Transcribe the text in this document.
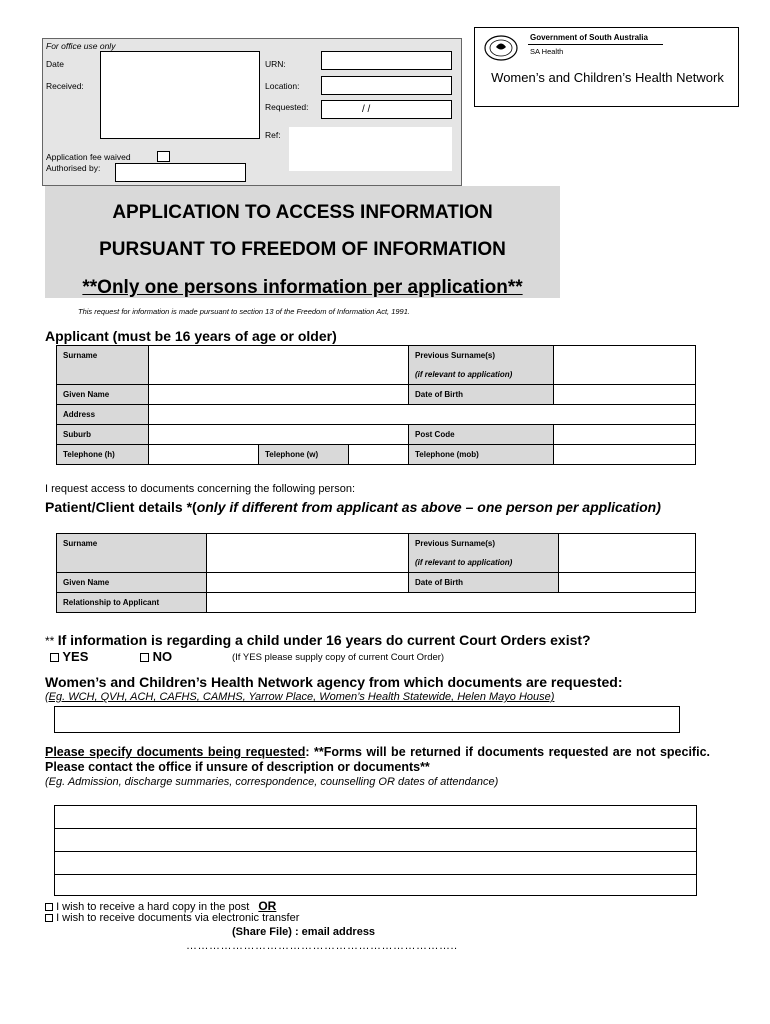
For office use only
Date
Received:
URN:
Location:
Requested:	/ /
Ref:
Application fee waived
Authorised by:
Government of South Australia
SA Health
Women’s and Children’s Health Network
APPLICATION TO ACCESS INFORMATION
PURSUANT TO FREEDOM OF INFORMATION
**Only one persons information per application**
This request for information is made pursuant to section 13 of the Freedom of Information Act, 1991.
Applicant (must be 16 years of age or older)
Surname				Previous Surname(s)	
				(if relevant to application)	
Given Name				Date of Birth	
Address					
Suburb				Post Code	
Telephone (h)		Telephone (w)		Telephone (mob)	
I request access to documents concerning the following person:
Patient/Client details *(only if different from applicant as above – one person per application)
Surname		Previous Surname(s)	
		(if relevant to application)	
Given Name		Date of Birth	
Relationship to Applicant			
** If information is regarding a child under 16 years do current Court Orders exist?
YES	NO	(If YES please supply copy of current Court Order)
Women’s and Children’s Health Network agency from which documents are requested:
(Eg. WCH, QVH, ACH, CAFHS, CAMHS, Yarrow Place, Women’s Health Statewide, Helen Mayo House)
Please specify documents being requested: **Forms will be returned if documents requested are not specific. Please contact the office if unsure of description or documents**
(Eg. Admission, discharge summaries, correspondence, counselling OR dates of attendance)
I wish to receive a hard copy in the post OR
I wish to receive documents via electronic transfer
(Share File) : email address
……………………………………………………………..
